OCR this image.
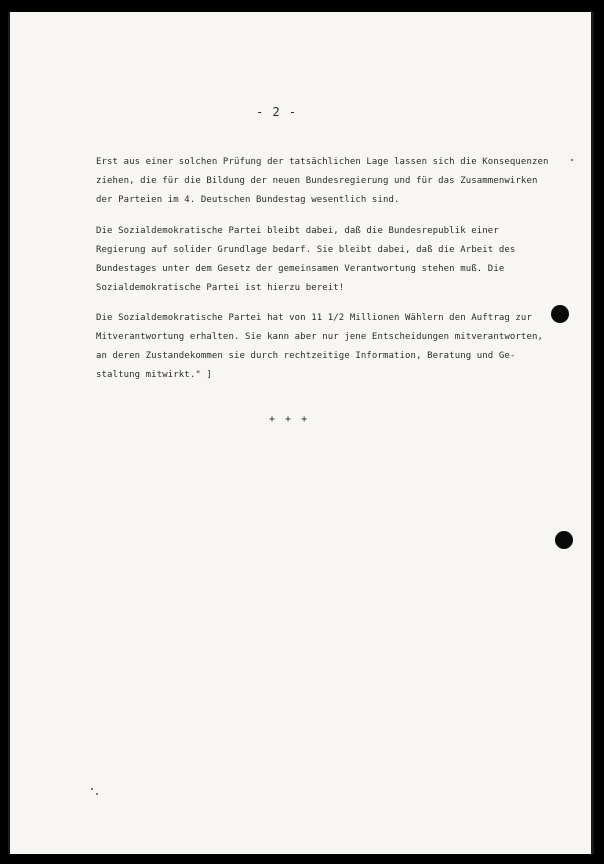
- 2 -

Erst aus einer solchen Prüfung der tatsächlichen Lage lassen sich die Konsequenzen
ziehen, die für die Bildung der neuen Bundesregierung und für das Zusammenwirken
der Parteien im 4. Deutschen Bundestag wesentlich sind.

Die Sozialdemokratische Partei bleibt dabei, daß die Bundesrepublik einer
Regierung auf solider Grundlage bedarf. Sie bleibt dabei, daß die Arbeit des
Bundestages unter dem Gesetz der gemeinsamen Verantwortung stehen muß. Die
Sozialdemokratische Partei ist hierzu bereit!

Die Sozialdemokratische Partei hat von 11 1/2 Millionen Wählern den Auftrag zur
Mitverantwortung erhalten. Sie kann aber nur jene Entscheidungen mitverantworten,
an deren Zustandekommen sie durch rechtzeitige Information, Beratung und Ge-
staltung mitwirkt." ]

+ + +
